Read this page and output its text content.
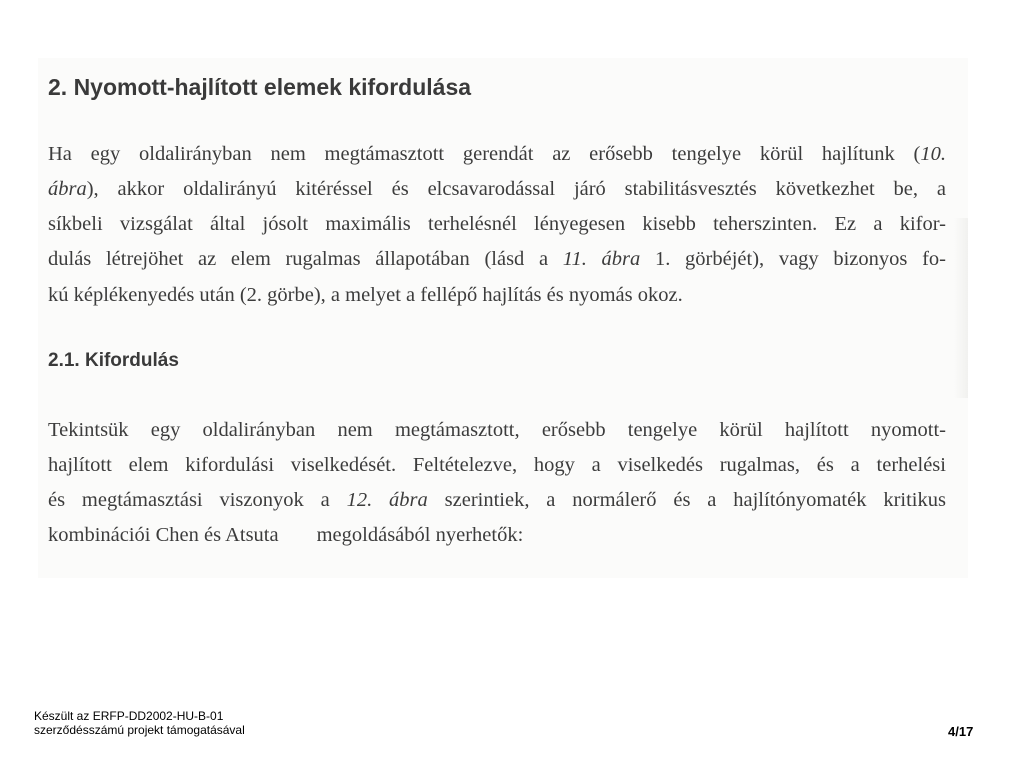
2. Nyomott-hajlított elemek kifordulása

Ha egy oldalirányban nem megtámasztott gerendát az erősebb tengelye körül hajlítunk (10.

ábra), akkor oldalirányú kitéréssel és elcsavarodással járó stabilitásvesztés következhet be, a

síkbeli vizsgálat által jósolt maximális terhelésnél lényegesen kisebb teherszinten. Ez a kifor-

dulás létrejöhet az elem rugalmas állapotában (lásd a 11. ábra 1. görbéjét), vagy bizonyos fo-

kú képlékenyedés után (2. görbe), a melyet a fellépő hajlítás és nyomás okoz.

2.1. Kifordulás

Tekintsük egy oldalirányban nem megtámasztott, erősebb tengelye körül hajlított nyomott-

hajlított elem kifordulási viselkedését. Feltételezve, hogy a viselkedés rugalmas, és a terhelési

és megtámasztási viszonyok a 12. ábra szerintiek, a normálerő és a hajlítónyomaték kritikus

kombinációi Chen és Atsuta megoldásából nyerhetők:

Készült az ERFP-DD2002-HU-B-01
szerződésszámú projekt támogatásával	4/17
